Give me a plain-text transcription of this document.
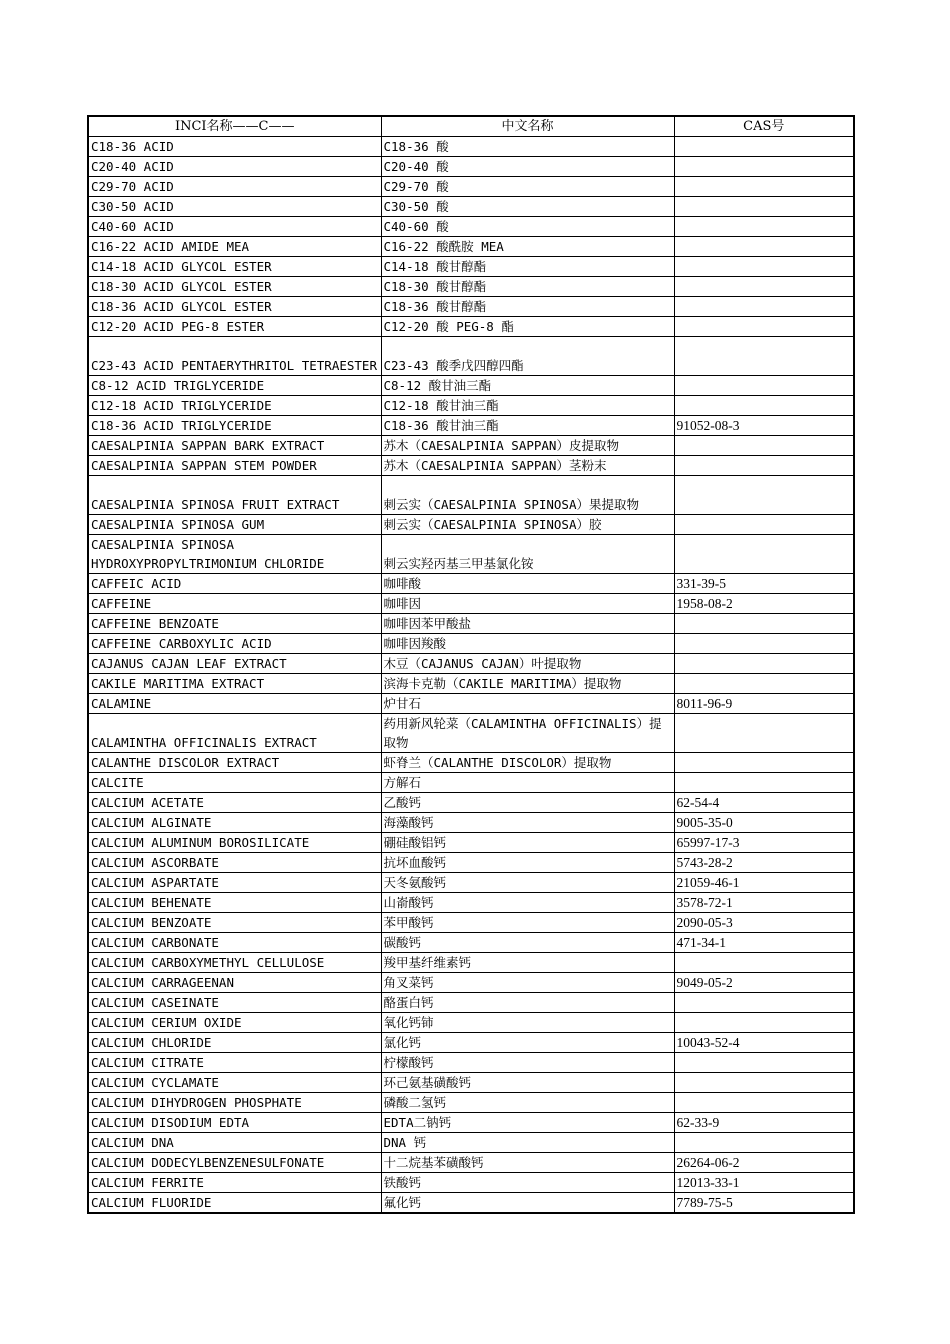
INCI名称——C——	中文名称	CAS号
C18-36 ACID	C18-36 酸	
C20-40 ACID	C20-40 酸	
C29-70 ACID	C29-70 酸	
C30-50 ACID	C30-50 酸	
C40-60 ACID	C40-60 酸	
C16-22 ACID AMIDE MEA	C16-22 酸酰胺 MEA	
C14-18 ACID GLYCOL ESTER	C14-18 酸甘醇酯	
C18-30 ACID GLYCOL ESTER	C18-30 酸甘醇酯	
C18-36 ACID GLYCOL ESTER	C18-36 酸甘醇酯	
C12-20 ACID PEG-8 ESTER	C12-20 酸 PEG-8 酯	
C23-43 ACID PENTAERYTHRITOL TETRAESTER	C23-43 酸季戊四醇四酯	
C8-12 ACID TRIGLYCERIDE	C8-12 酸甘油三酯	
C12-18 ACID TRIGLYCERIDE	C12-18 酸甘油三酯	
C18-36 ACID TRIGLYCERIDE	C18-36 酸甘油三酯	91052-08-3
CAESALPINIA SAPPAN BARK EXTRACT	苏木（CAESALPINIA SAPPAN）皮提取物	
CAESALPINIA SAPPAN STEM POWDER	苏木（CAESALPINIA SAPPAN）茎粉末	
CAESALPINIA SPINOSA FRUIT EXTRACT	刺云实（CAESALPINIA SPINOSA）果提取物	
CAESALPINIA SPINOSA GUM	刺云实（CAESALPINIA SPINOSA）胶	
CAESALPINIA SPINOSA HYDROXYPROPYLTRIMONIUM CHLORIDE	刺云实羟丙基三甲基氯化铵	
CAFFEIC ACID	咖啡酸	331-39-5
CAFFEINE	咖啡因	1958-08-2
CAFFEINE BENZOATE	咖啡因苯甲酸盐	
CAFFEINE CARBOXYLIC ACID	咖啡因羧酸	
CAJANUS CAJAN LEAF EXTRACT	木豆（CAJANUS CAJAN）叶提取物	
CAKILE MARITIMA EXTRACT	滨海卡克勒（CAKILE MARITIMA）提取物	
CALAMINE	炉甘石	8011-96-9
CALAMINTHA OFFICINALIS EXTRACT	药用新风轮菜（CALAMINTHA OFFICINALIS）提取物	
CALANTHE DISCOLOR EXTRACT	虾脊兰（CALANTHE DISCOLOR）提取物	
CALCITE	方解石	
CALCIUM ACETATE	乙酸钙	62-54-4
CALCIUM ALGINATE	海藻酸钙	9005-35-0
CALCIUM ALUMINUM BOROSILICATE	硼硅酸铝钙	65997-17-3
CALCIUM ASCORBATE	抗坏血酸钙	5743-28-2
CALCIUM ASPARTATE	天冬氨酸钙	21059-46-1
CALCIUM BEHENATE	山嵛酸钙	3578-72-1
CALCIUM BENZOATE	苯甲酸钙	2090-05-3
CALCIUM CARBONATE	碳酸钙	471-34-1
CALCIUM CARBOXYMETHYL CELLULOSE	羧甲基纤维素钙	
CALCIUM CARRAGEENAN	角叉菜钙	9049-05-2
CALCIUM CASEINATE	酪蛋白钙	
CALCIUM CERIUM OXIDE	氧化钙铈	
CALCIUM CHLORIDE	氯化钙	10043-52-4
CALCIUM CITRATE	柠檬酸钙	
CALCIUM CYCLAMATE	环己氨基磺酸钙	
CALCIUM DIHYDROGEN PHOSPHATE	磷酸二氢钙	
CALCIUM DISODIUM EDTA	EDTA二钠钙	62-33-9
CALCIUM DNA	DNA 钙	
CALCIUM DODECYLBENZENESULFONATE	十二烷基苯磺酸钙	26264-06-2
CALCIUM FERRITE	铁酸钙	12013-33-1
CALCIUM FLUORIDE	氟化钙	7789-75-5
